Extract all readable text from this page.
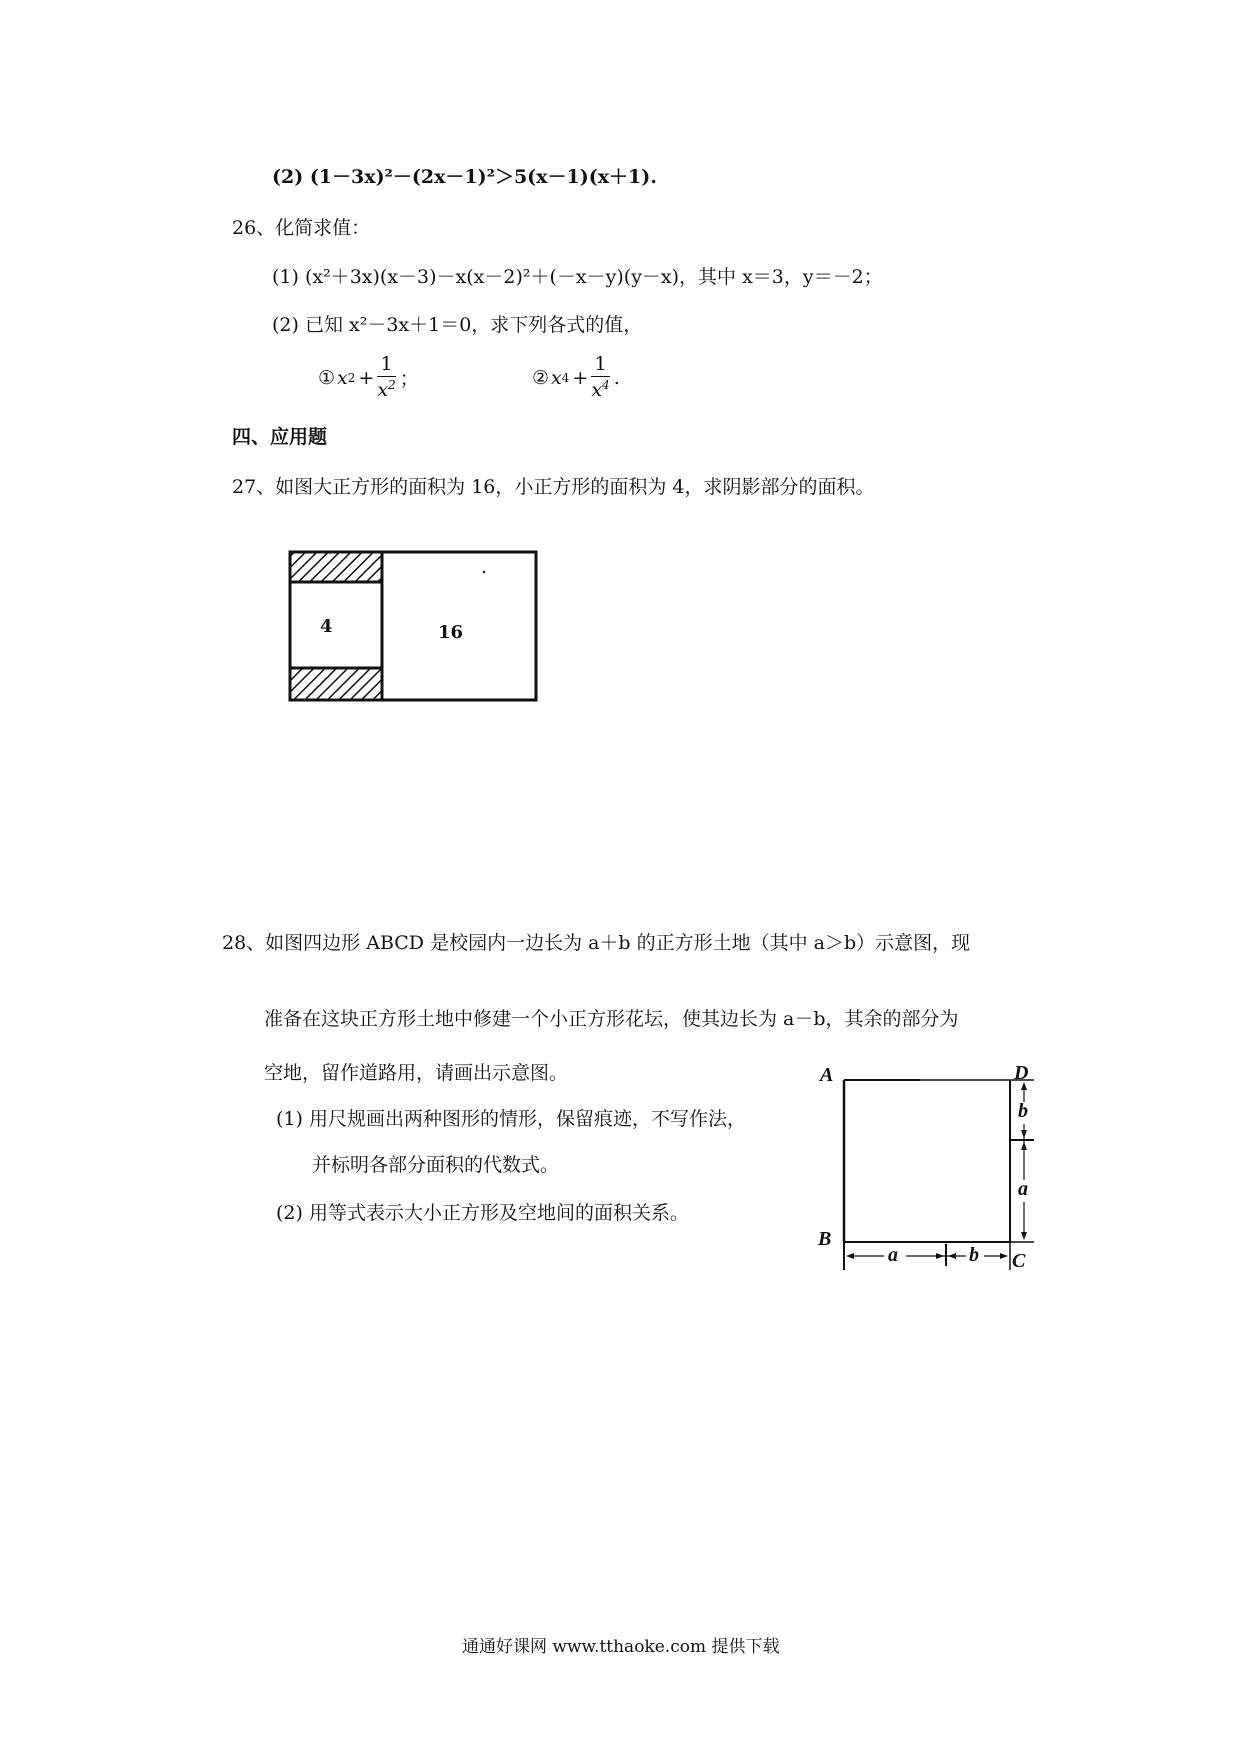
(2) (1－3x)²－(2x－1)²＞5(x－1)(x＋1).
26、化简求值：
(1) (x²＋3x)(x－3)－x(x－2)²＋(－x－y)(y－x)，其中 x＝3，y＝－2；
(2) 已知 x²－3x＋1＝0，求下列各式的值，
① x $2 + \frac{1}{x^2}$ ；	② x $4 + \frac{1}{x^4}$ .
四、应用题
27、如图大正方形的面积为 16，小正方形的面积为 4，求阴影部分的面积。
4	16
28、如图四边形 ABCD 是校园内一边长为 a＋b 的正方形土地（其中 a＞b）示意图，现
准备在这块正方形土地中修建一个小正方形花坛，使其边长为 a－b，其余的部分为
空地，留作道路用，请画出示意图。
(1) 用尺规画出两种图形的情形，保留痕迹，不写作法，
并标明各部分面积的代数式。
(2) 用等式表示大小正方形及空地间的面积关系。
A	D
B
C
b
a
a	b
通通好课网 www.tthaoke.com 提供下载
